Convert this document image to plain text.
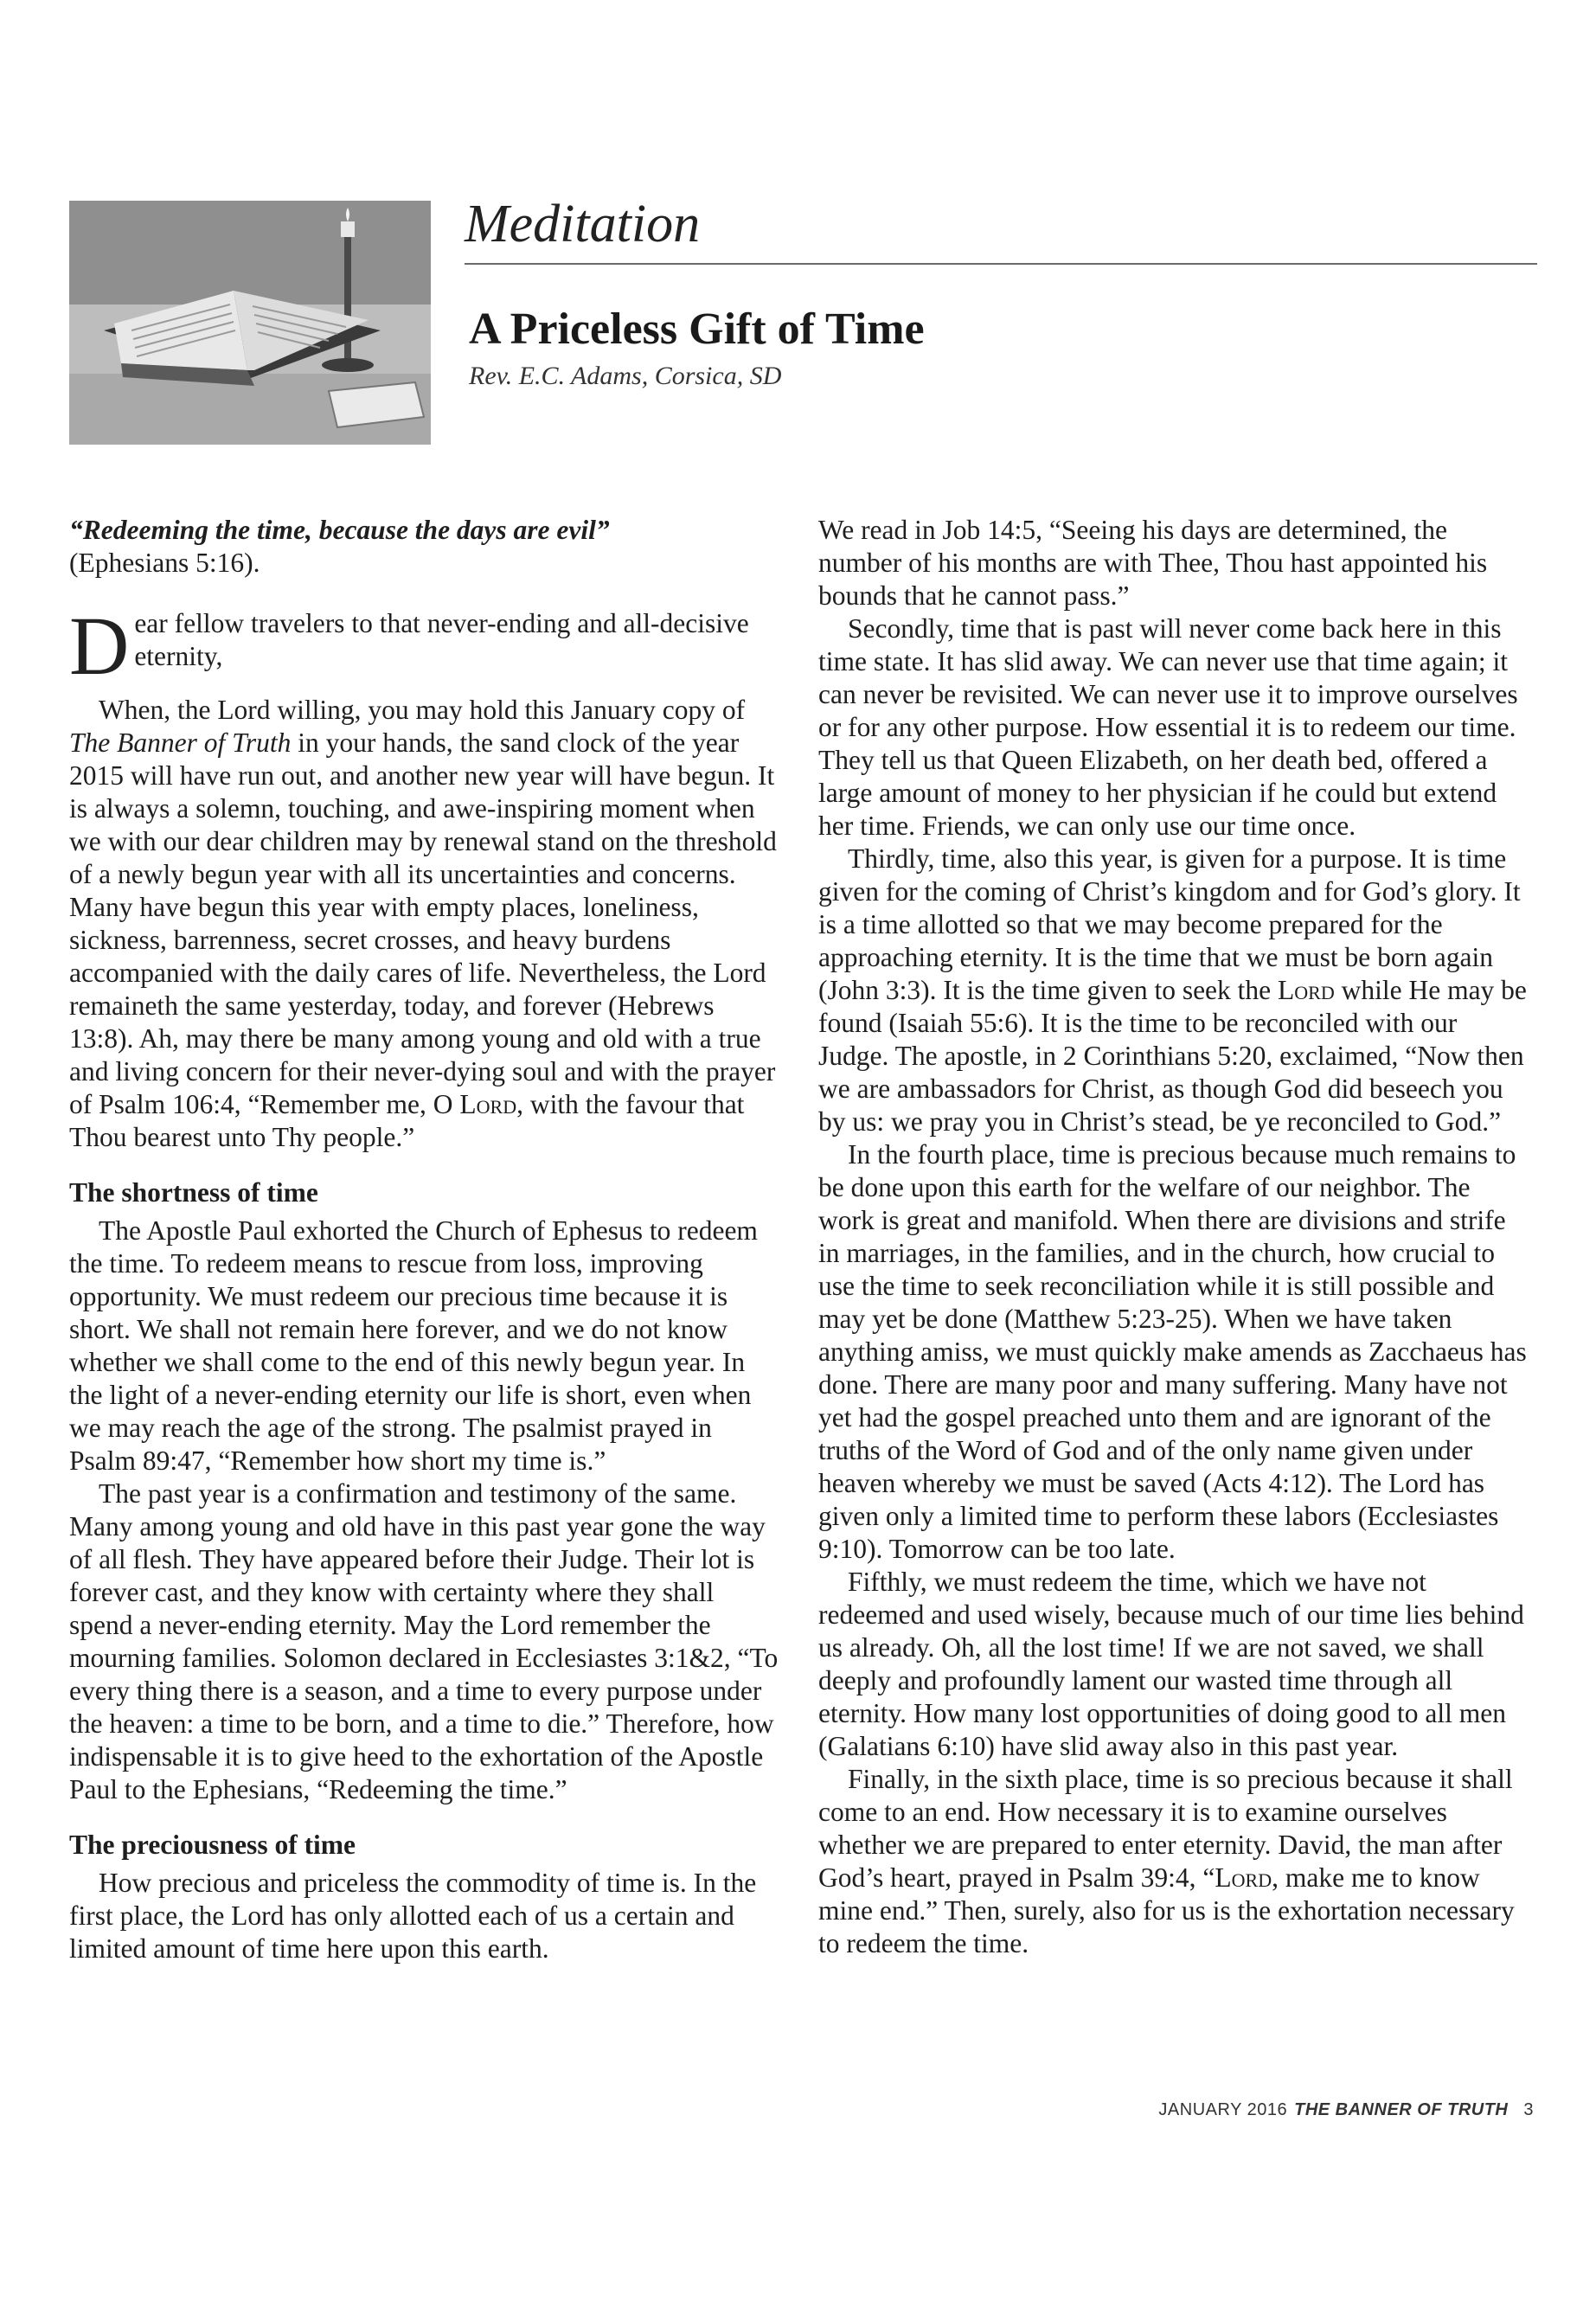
Meditation
A Priceless Gift of Time
Rev. E.C. Adams, Corsica, SD

“Redeeming the time, because the days are evil”
(Ephesians 5:16).

D ear fellow travelers to that never-ending and all-decisive eternity,

When, the Lord willing, you may hold this January copy of The Banner of Truth in your hands, the sand clock of the year 2015 will have run out, and another new year will have begun. It is always a solemn, touching, and awe-inspiring moment when we with our dear children may by renewal stand on the threshold of a newly begun year with all its uncertainties and concerns. Many have begun this year with empty places, loneliness, sickness, barrenness, secret crosses, and heavy burdens accompanied with the daily cares of life. Nevertheless, the Lord remaineth the same yesterday, today, and forever (Hebrews 13:8). Ah, may there be many among young and old with a true and living concern for their never-dying soul and with the prayer of Psalm 106:4, “Remember me, O Lord, with the favour that Thou bearest unto Thy people.”

The shortness of time

The Apostle Paul exhorted the Church of Ephesus to redeem the time. To redeem means to rescue from loss, improving opportunity. We must redeem our precious time because it is short. We shall not remain here forever, and we do not know whether we shall come to the end of this newly begun year. In the light of a never-ending eternity our life is short, even when we may reach the age of the strong. The psalmist prayed in Psalm 89:47, “Remember how short my time is.”

The past year is a confirmation and testimony of the same. Many among young and old have in this past year gone the way of all flesh. They have appeared before their Judge. Their lot is forever cast, and they know with certainty where they shall spend a never-ending eternity. May the Lord remember the mourning families. Solomon declared in Ecclesiastes 3:1&2, “To every thing there is a season, and a time to every purpose under the heaven: a time to be born, and a time to die.” Therefore, how indispensable it is to give heed to the exhortation of the Apostle Paul to the Ephesians, “Redeeming the time.”

The preciousness of time

How precious and priceless the commodity of time is. In the first place, the Lord has only allotted each of us a certain and limited amount of time here upon this earth.

We read in Job 14:5, “Seeing his days are determined, the number of his months are with Thee, Thou hast appointed his bounds that he cannot pass.”

Secondly, time that is past will never come back here in this time state. It has slid away. We can never use that time again; it can never be revisited. We can never use it to improve ourselves or for any other purpose. How essential it is to redeem our time. They tell us that Queen Elizabeth, on her death bed, offered a large amount of money to her physician if he could but extend her time. Friends, we can only use our time once.

Thirdly, time, also this year, is given for a purpose. It is time given for the coming of Christ’s kingdom and for God’s glory. It is a time allotted so that we may become prepared for the approaching eternity. It is the time that we must be born again (John 3:3). It is the time given to seek the Lord while He may be found (Isaiah 55:6). It is the time to be reconciled with our Judge. The apostle, in 2 Corinthians 5:20, exclaimed, “Now then we are ambassadors for Christ, as though God did beseech you by us: we pray you in Christ’s stead, be ye reconciled to God.”

In the fourth place, time is precious because much remains to be done upon this earth for the welfare of our neighbor. The work is great and manifold. When there are divisions and strife in marriages, in the families, and in the church, how crucial to use the time to seek reconciliation while it is still possible and may yet be done (Matthew 5:23-25). When we have taken anything amiss, we must quickly make amends as Zacchaeus has done. There are many poor and many suffering. Many have not yet had the gospel preached unto them and are ignorant of the truths of the Word of God and of the only name given under heaven whereby we must be saved (Acts 4:12). The Lord has given only a limited time to perform these labors (Ecclesiastes 9:10). Tomorrow can be too late.

Fifthly, we must redeem the time, which we have not redeemed and used wisely, because much of our time lies behind us already. Oh, all the lost time! If we are not saved, we shall deeply and profoundly lament our wasted time through all eternity. How many lost opportunities of doing good to all men (Galatians 6:10) have slid away also in this past year.

Finally, in the sixth place, time is so precious because it shall come to an end. How necessary it is to examine ourselves whether we are prepared to enter eternity. David, the man after God’s heart, prayed in Psalm 39:4, “Lord, make me to know mine end.” Then, surely, also for us is the exhortation necessary to redeem the time.

JANUARY 2016 THE BANNER OF TRUTH 3
